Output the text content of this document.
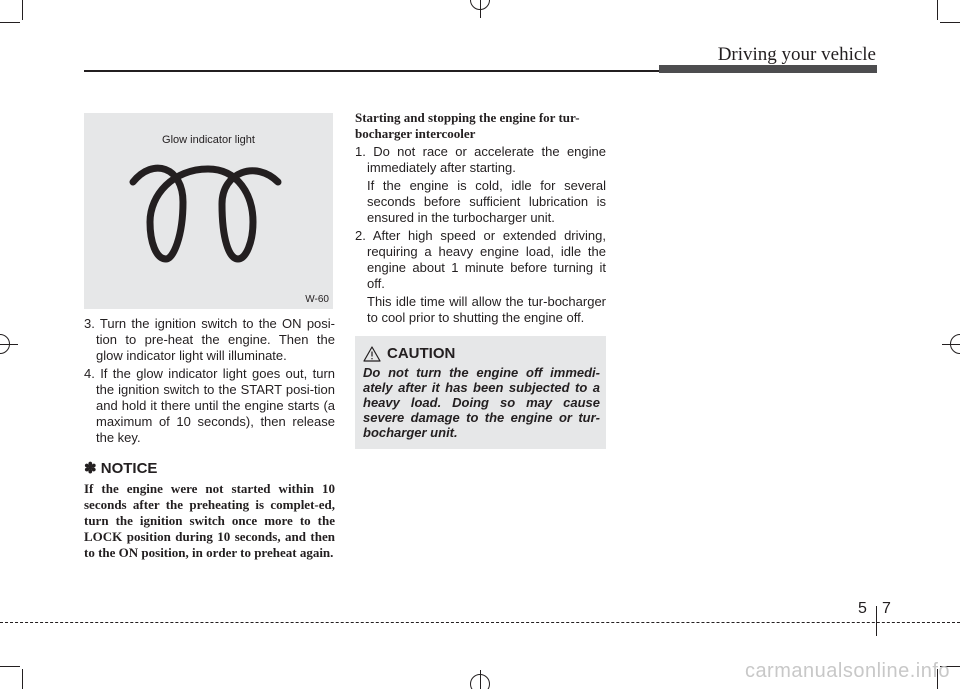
Driving your vehicle
Glow indicator light
W-60

3. Turn the ignition switch to the ON posi-tion to pre-heat the engine. Then the glow indicator light will illuminate.

4. If the glow indicator light goes out, turn the ignition switch to the START posi-tion and hold it there until the engine starts (a maximum of 10 seconds), then release the key.

✽ NOTICE

If the engine were not started within 10 seconds after the preheating is complet-ed, turn the ignition switch once more to the LOCK position during 10 seconds, and then to the ON position, in order to preheat again.

Starting and stopping the engine for tur-bocharger intercooler

1. Do not race or accelerate the engine immediately after starting.

If the engine is cold, idle for several seconds before sufficient lubrication is ensured in the turbocharger unit.

2. After high speed or extended driving, requiring a heavy engine load, idle the engine about 1 minute before turning it off.

This idle time will allow the tur-bocharger to cool prior to shutting the engine off.

CAUTION

Do not turn the engine off immedi-ately after it has been subjected to a heavy load. Doing so may cause severe damage to the engine or tur-bocharger unit.

5 7
carmanualsonline.info
